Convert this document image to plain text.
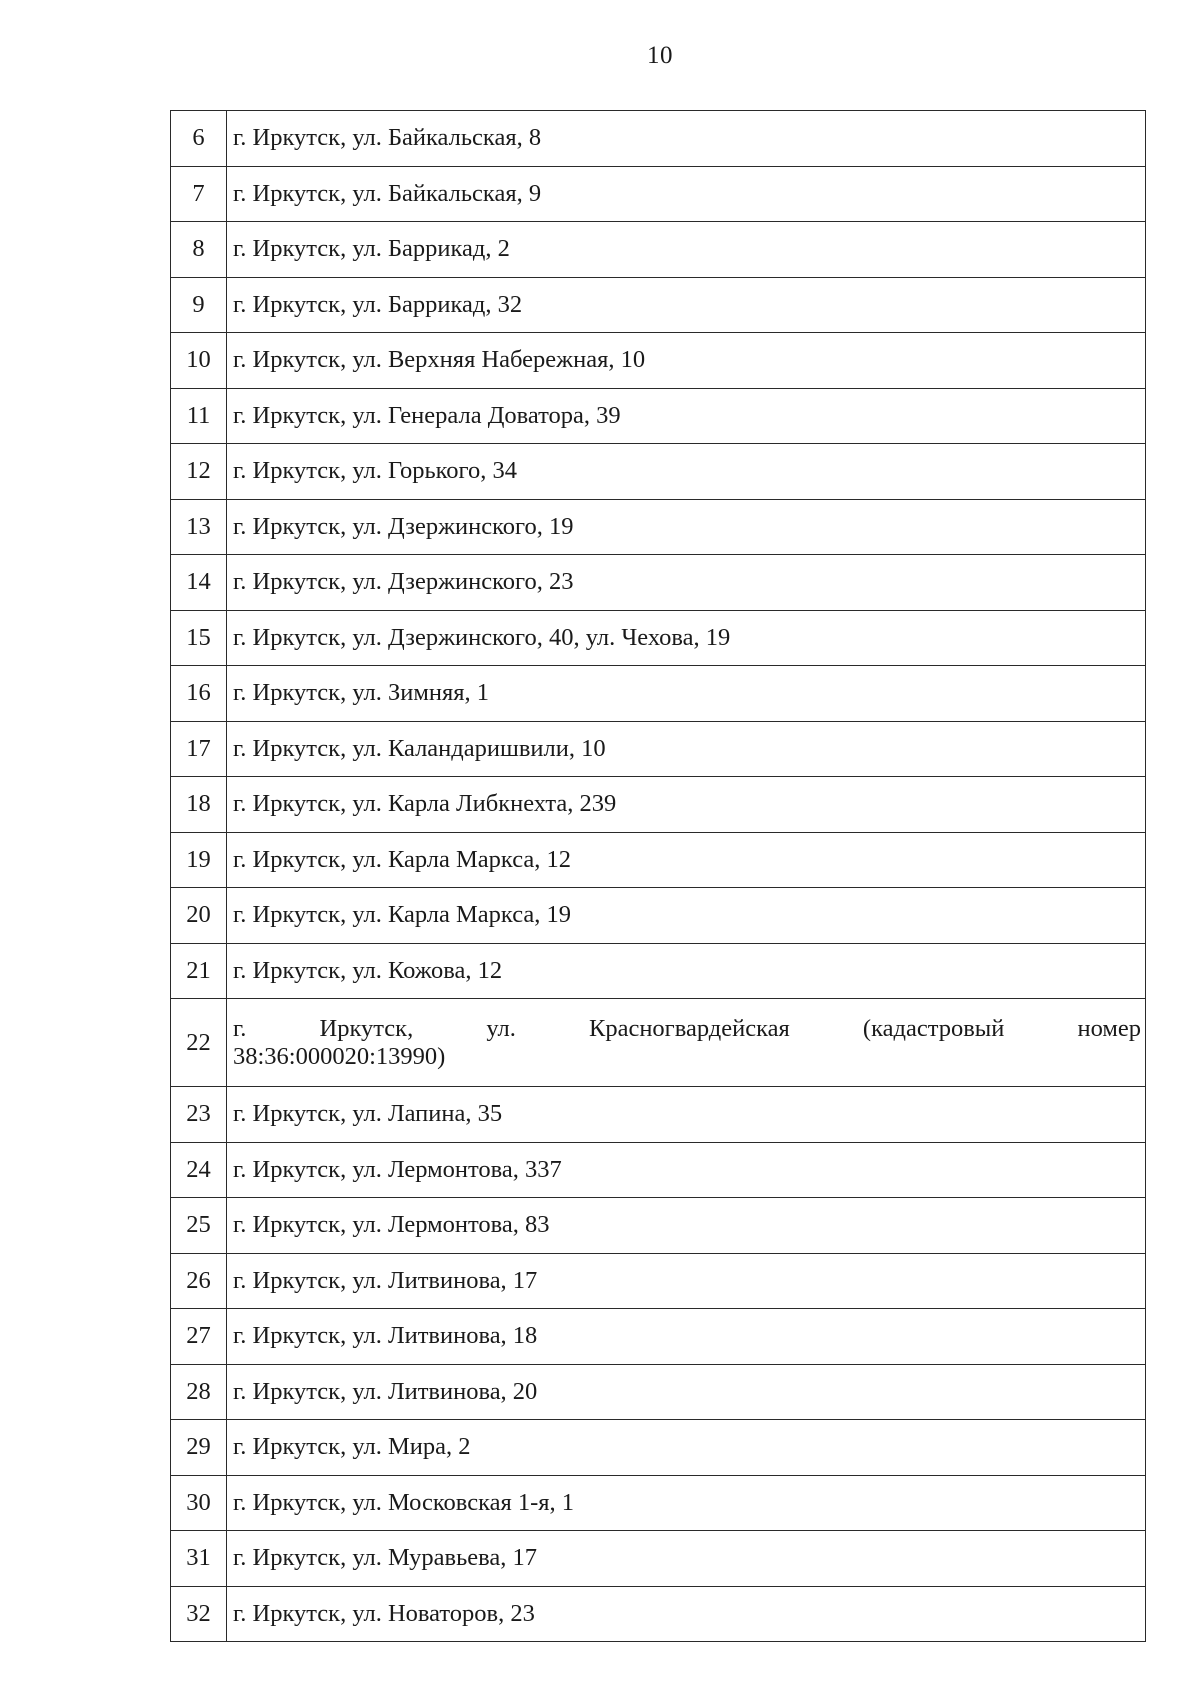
10
6	г. Иркутск, ул. Байкальская, 8
7	г. Иркутск, ул. Байкальская, 9
8	г. Иркутск, ул. Баррикад, 2
9	г. Иркутск, ул. Баррикад, 32
10	г. Иркутск, ул. Верхняя Набережная, 10
11	г. Иркутск, ул. Генерала Доватора, 39
12	г. Иркутск, ул. Горького, 34
13	г. Иркутск, ул. Дзержинского, 19
14	г. Иркутск, ул. Дзержинского, 23
15	г. Иркутск, ул. Дзержинского, 40, ул. Чехова, 19
16	г. Иркутск, ул. Зимняя, 1
17	г. Иркутск, ул. Каландаришвили, 10
18	г. Иркутск, ул. Карла Либкнехта, 239
19	г. Иркутск, ул. Карла Маркса, 12
20	г. Иркутск, ул. Карла Маркса, 19
21	г. Иркутск, ул. Кожова, 12
22	г. Иркутск, ул. Красногвардейская (кадастровый номер
38:36:000020:13990)
23	г. Иркутск, ул. Лапина, 35
24	г. Иркутск, ул. Лермонтова, 337
25	г. Иркутск, ул. Лермонтова, 83
26	г. Иркутск, ул. Литвинова, 17
27	г. Иркутск, ул. Литвинова, 18
28	г. Иркутск, ул. Литвинова, 20
29	г. Иркутск, ул. Мира, 2
30	г. Иркутск, ул. Московская 1-я, 1
31	г. Иркутск, ул. Муравьева, 17
32	г. Иркутск, ул. Новаторов, 23
